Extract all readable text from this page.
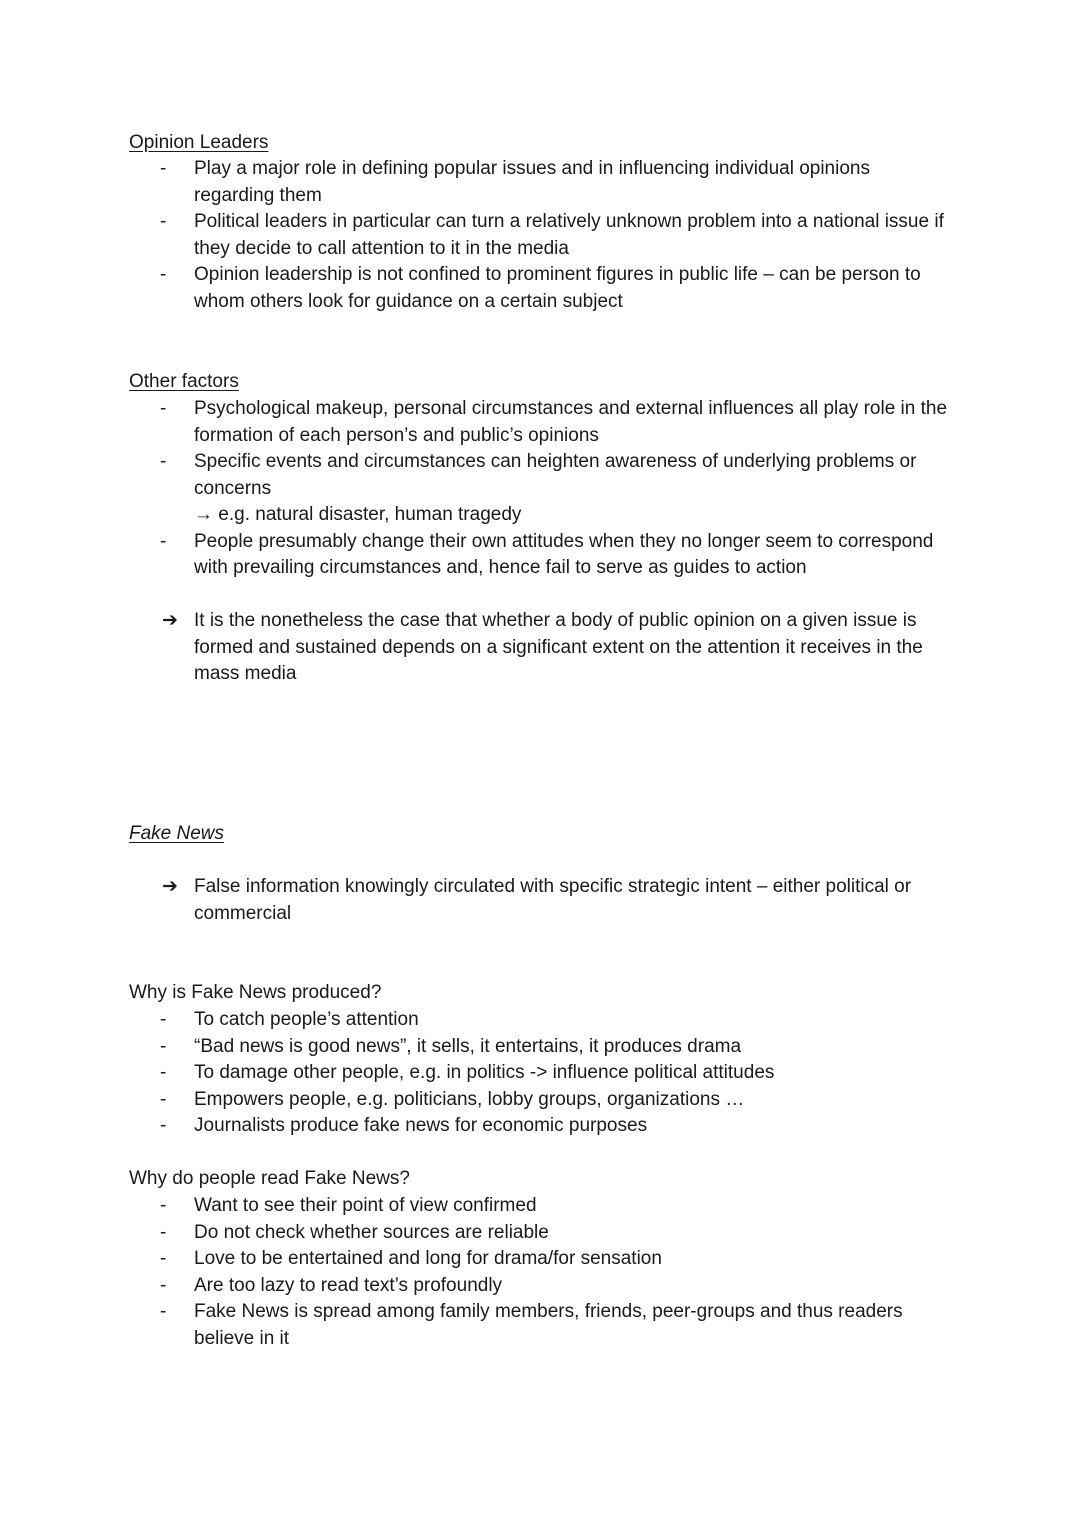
Opinion Leaders
- Play a major role in defining popular issues and in influencing individual opinions regarding them
- Political leaders in particular can turn a relatively unknown problem into a national issue if they decide to call attention to it in the media
- Opinion leadership is not confined to prominent figures in public life – can be person to whom others look for guidance on a certain subject
Other factors
- Psychological makeup, personal circumstances and external influences all play role in the formation of each person’s and public’s opinions
- Specific events and circumstances can heighten awareness of underlying problems or concerns
→ e.g. natural disaster, human tragedy
- People presumably change their own attitudes when they no longer seem to correspond with prevailing circumstances and, hence fail to serve as guides to action
➔ It is the nonetheless the case that whether a body of public opinion on a given issue is formed and sustained depends on a significant extent on the attention it receives in the mass media
Fake News
➔ False information knowingly circulated with specific strategic intent – either political or commercial
Why is Fake News produced?
- To catch people’s attention
- “Bad news is good news”, it sells, it entertains, it produces drama
- To damage other people, e.g. in politics -> influence political attitudes
- Empowers people, e.g. politicians, lobby groups, organizations …
- Journalists produce fake news for economic purposes
Why do people read Fake News?
- Want to see their point of view confirmed
- Do not check whether sources are reliable
- Love to be entertained and long for drama/for sensation
- Are too lazy to read text’s profoundly
- Fake News is spread among family members, friends, peer-groups and thus readers believe in it
